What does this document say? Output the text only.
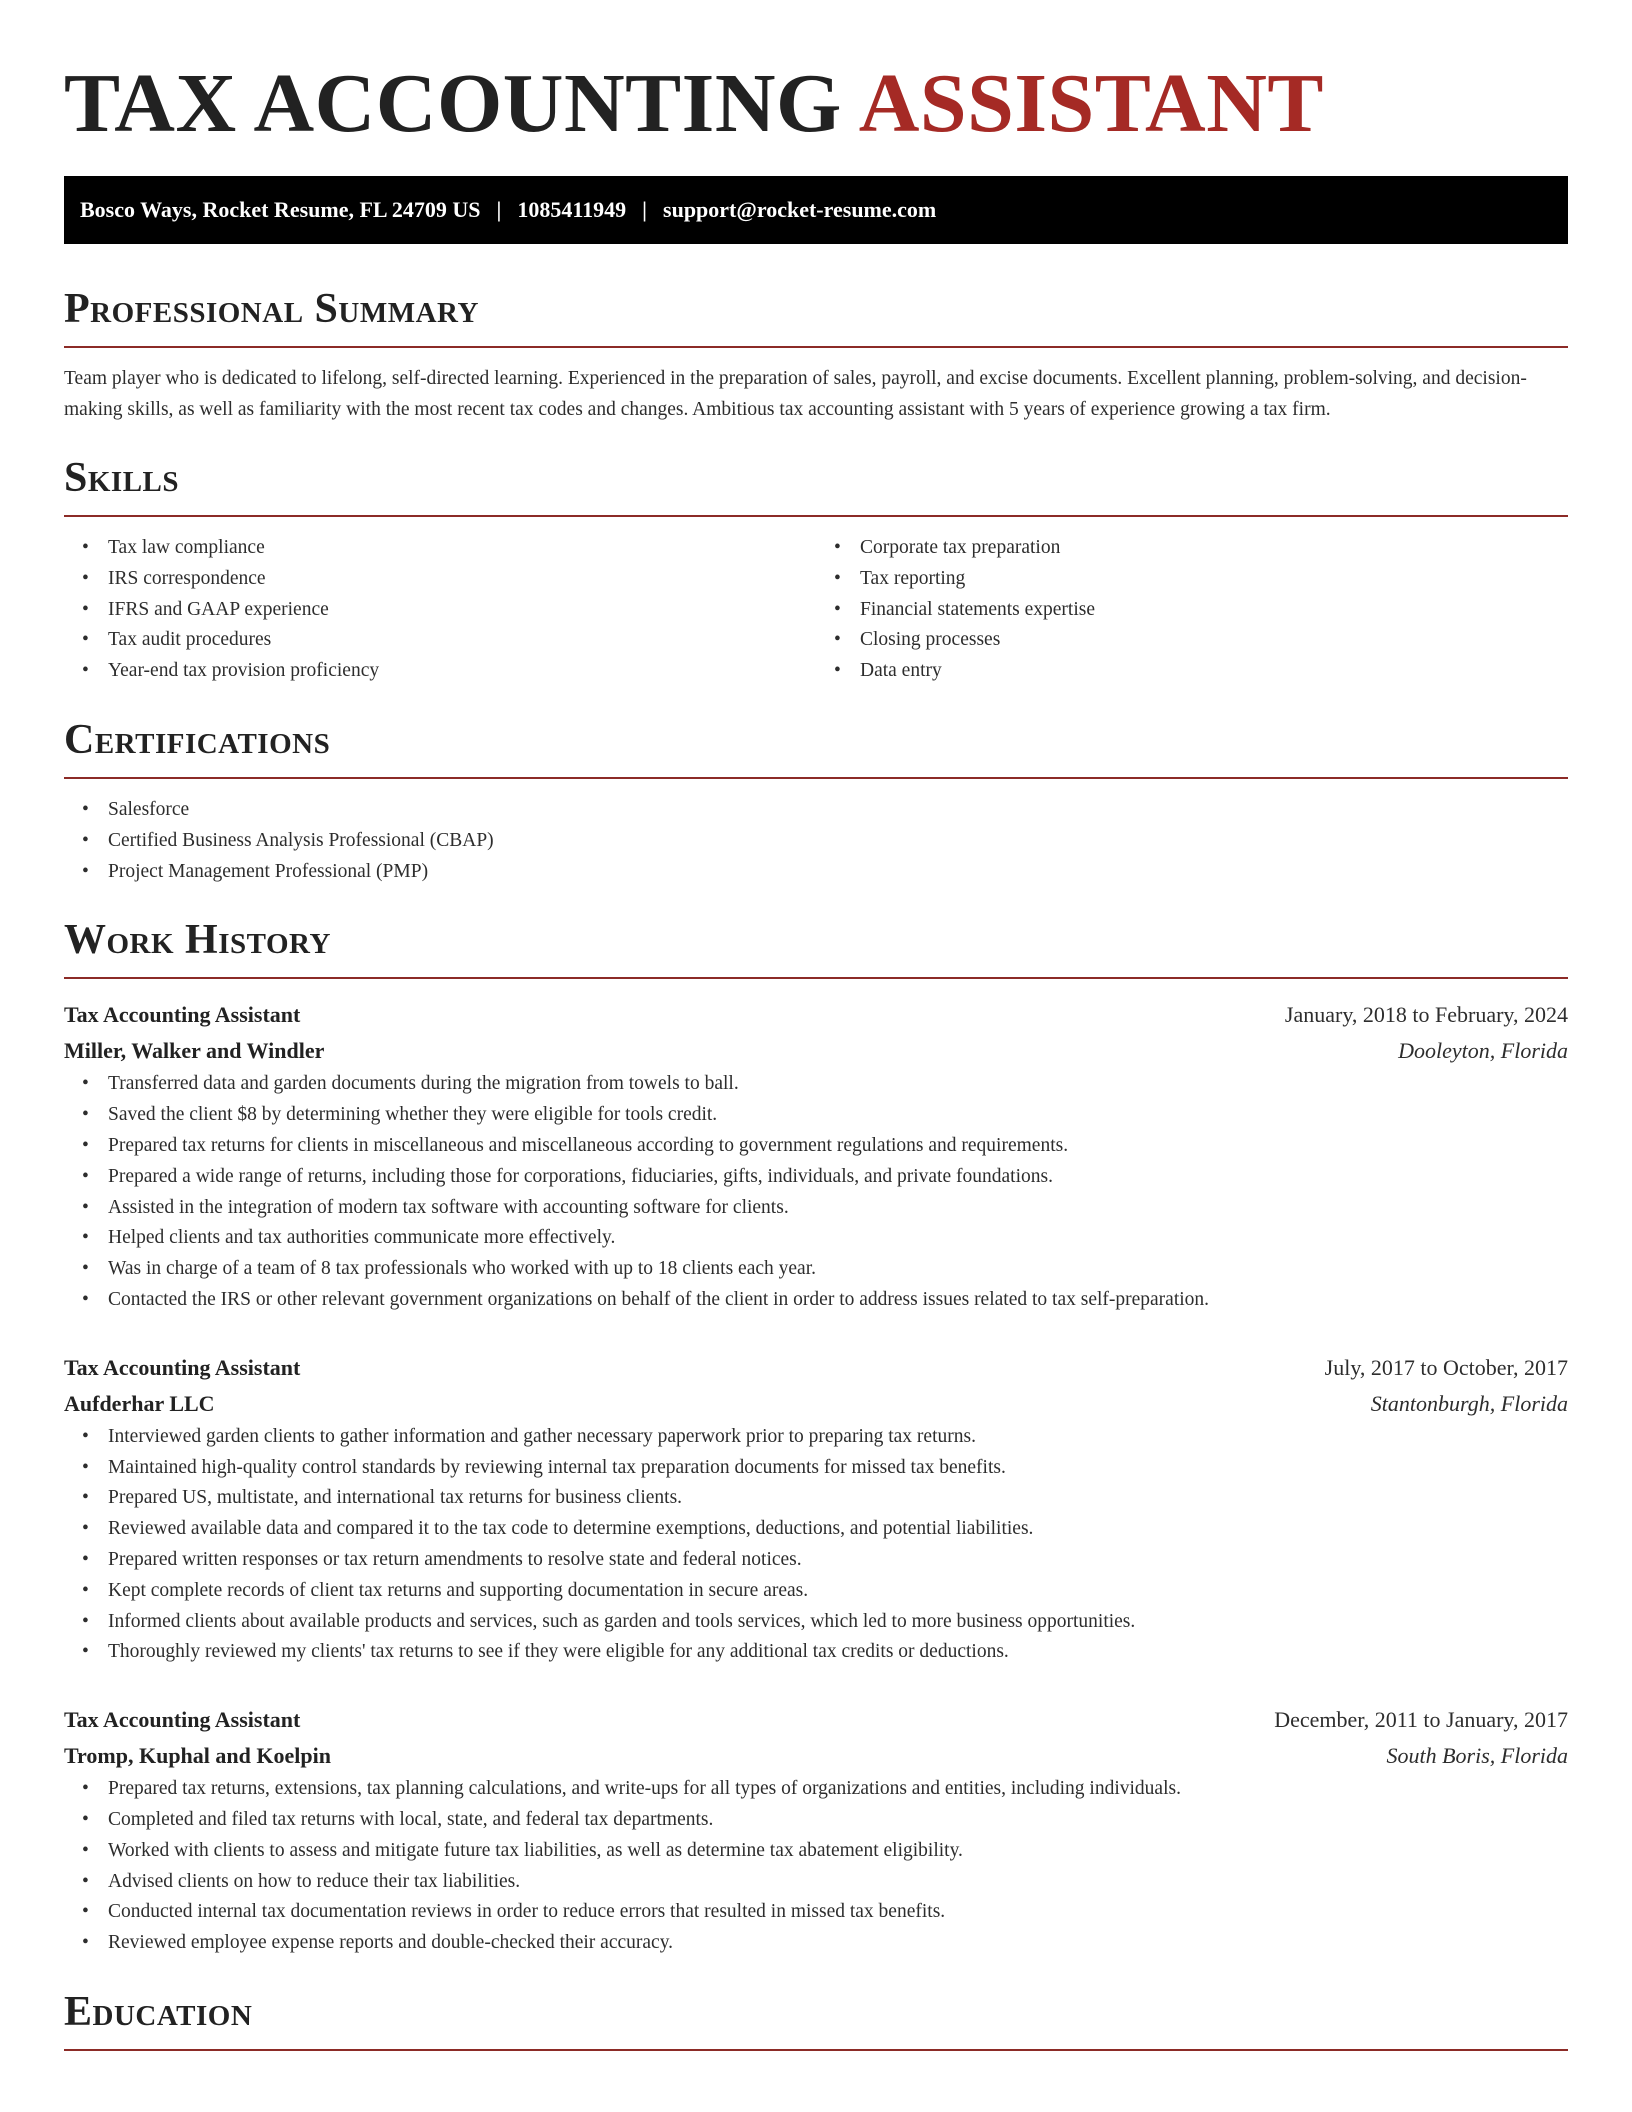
TAX ACCOUNTING ASSISTANT
Bosco Ways, Rocket Resume, FL 24709 US | 1085411949 | support@rocket-resume.com
Professional Summary

Team player who is dedicated to lifelong, self-directed learning. Experienced in the preparation of sales, payroll, and excise documents. Excellent planning, problem-solving, and decision-making skills, as well as familiarity with the most recent tax codes and changes. Ambitious tax accounting assistant with 5 years of experience growing a tax firm.

Skills
• Tax law compliance
• IRS correspondence
• IFRS and GAAP experience
• Tax audit procedures
• Year-end tax provision proficiency
• Corporate tax preparation
• Tax reporting
• Financial statements expertise
• Closing processes
• Data entry
Certifications
• Salesforce
• Certified Business Analysis Professional (CBAP)
• Project Management Professional (PMP)
Work History
Tax Accounting Assistant	January, 2018 to February, 2024
Miller, Walker and Windler	Dooleyton, Florida
• Transferred data and garden documents during the migration from towels to ball.
• Saved the client $8 by determining whether they were eligible for tools credit.
• Prepared tax returns for clients in miscellaneous and miscellaneous according to government regulations and requirements.
• Prepared a wide range of returns, including those for corporations, fiduciaries, gifts, individuals, and private foundations.
• Assisted in the integration of modern tax software with accounting software for clients.
• Helped clients and tax authorities communicate more effectively.
• Was in charge of a team of 8 tax professionals who worked with up to 18 clients each year.
• Contacted the IRS or other relevant government organizations on behalf of the client in order to address issues related to tax self-preparation.
Tax Accounting Assistant	July, 2017 to October, 2017
Aufderhar LLC	Stantonburgh, Florida
• Interviewed garden clients to gather information and gather necessary paperwork prior to preparing tax returns.
• Maintained high-quality control standards by reviewing internal tax preparation documents for missed tax benefits.
• Prepared US, multistate, and international tax returns for business clients.
• Reviewed available data and compared it to the tax code to determine exemptions, deductions, and potential liabilities.
• Prepared written responses or tax return amendments to resolve state and federal notices.
• Kept complete records of client tax returns and supporting documentation in secure areas.
• Informed clients about available products and services, such as garden and tools services, which led to more business opportunities.
• Thoroughly reviewed my clients' tax returns to see if they were eligible for any additional tax credits or deductions.
Tax Accounting Assistant	December, 2011 to January, 2017
Tromp, Kuphal and Koelpin	South Boris, Florida
• Prepared tax returns, extensions, tax planning calculations, and write-ups for all types of organizations and entities, including individuals.
• Completed and filed tax returns with local, state, and federal tax departments.
• Worked with clients to assess and mitigate future tax liabilities, as well as determine tax abatement eligibility.
• Advised clients on how to reduce their tax liabilities.
• Conducted internal tax documentation reviews in order to reduce errors that resulted in missed tax benefits.
• Reviewed employee expense reports and double-checked their accuracy.
Education
